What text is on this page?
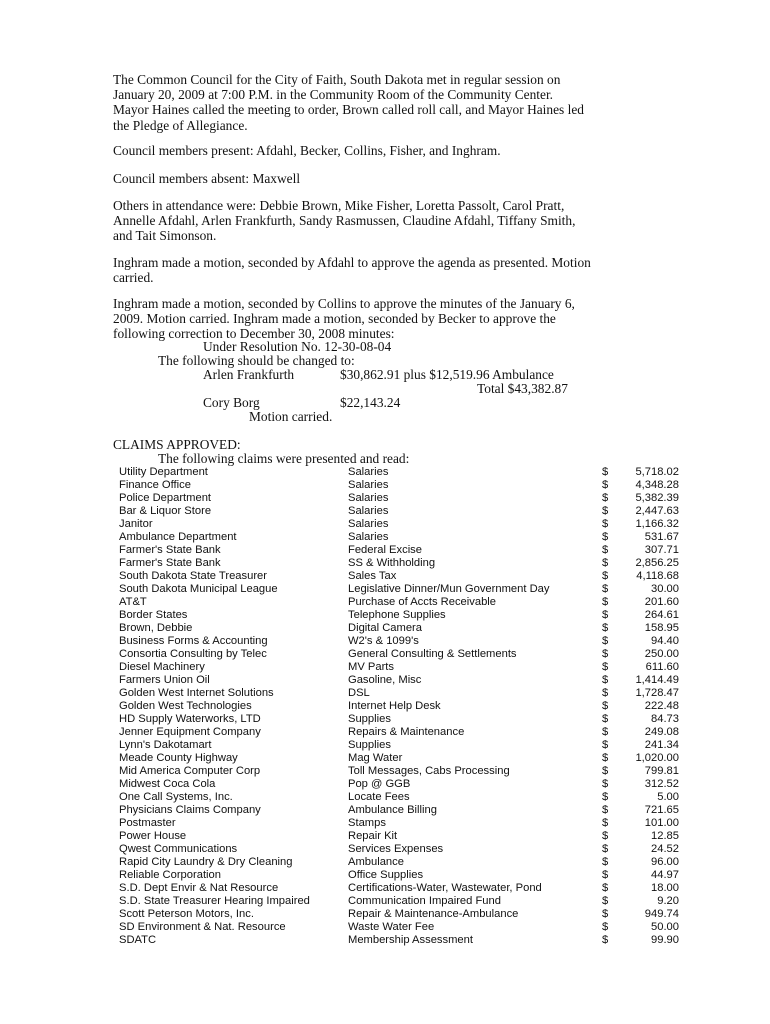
The Common Council for the City of Faith, South Dakota met in regular session on
January 20, 2009 at 7:00 P.M. in the Community Room of the Community Center.
Mayor Haines called the meeting to order, Brown called roll call, and Mayor Haines led
the Pledge of Allegiance.
Council members present: Afdahl, Becker, Collins, Fisher, and Inghram.
Council members absent: Maxwell
Others in attendance were: Debbie Brown, Mike Fisher, Loretta Passolt, Carol Pratt,
Annelle Afdahl, Arlen Frankfurth, Sandy Rasmussen, Claudine Afdahl, Tiffany Smith,
and Tait Simonson.
Inghram made a motion, seconded by Afdahl to approve the agenda as presented. Motion
carried.
Inghram made a motion, seconded by Collins to approve the minutes of the January 6,
2009. Motion carried. Inghram made a motion, seconded by Becker to approve the
following correction to December 30, 2008 minutes:
Under Resolution No. 12-30-08-04
The following should be changed to:
Arlen Frankfurth	$30,862.91 plus $12,519.96 Ambulance
Total $43,382.87
Cory Borg	$22,143.24
Motion carried.
CLAIMS APPROVED:
The following claims were presented and read:
Utility Department	Salaries	$ 5,718.02
Finance Office	Salaries	$ 4,348.28
Police Department	Salaries	$ 5,382.39
Bar & Liquor Store	Salaries	$ 2,447.63
Janitor	Salaries	$ 1,166.32
Ambulance Department	Salaries	$	531.67
Farmer's State Bank	Federal Excise	$	307.71
Farmer's State Bank	SS & Withholding	$ 2,856.25
South Dakota State Treasurer	Sales Tax	$	4,118.68
South Dakota Municipal League	Legislative Dinner/Mun Government Day	$	30.00
AT&T	Purchase of Accts Receivable	$	201.60
Border States	Telephone Supplies	$	264.61
Brown, Debbie	Digital Camera	$	158.95
Business Forms & Accounting	W2's & 1099's	$	94.40
Consortia Consulting by Telec	General Consulting & Settlements	$	250.00
Diesel Machinery	MV Parts	$	611.60
Farmers Union Oil	Gasoline, Misc	$ 1,414.49
Golden West Internet Solutions	DSL	$ 1,728.47
Golden West Technologies	Internet Help Desk	$	222.48
HD Supply Waterworks, LTD	Supplies	$	84.73
Jenner Equipment Company	Repairs & Maintenance	$	249.08
Lynn's Dakotamart	Supplies	$	241.34
Meade County Highway	Mag Water	$ 1,020.00
Mid America Computer Corp	Toll Messages, Cabs Processing	$	799.81
Midwest Coca Cola	Pop @ GGB	$	312.52
One Call Systems, Inc.	Locate Fees	$	5.00
Physicians Claims Company	Ambulance Billing	$	721.65
Postmaster	Stamps	$	101.00
Power House	Repair Kit	$	12.85
Qwest Communications	Services Expenses	$	24.52
Rapid City Laundry & Dry Cleaning	Ambulance	$	96.00
Reliable Corporation	Office Supplies	$	44.97
S.D. Dept Envir & Nat Resource	Certifications-Water, Wastewater, Pond	$	18.00
S.D. State Treasurer Hearing Impaired	Communication Impaired Fund	$	9.20
Scott Peterson Motors, Inc.	Repair & Maintenance-Ambulance	$	949.74
SD Environment & Nat. Resource	Waste Water Fee	$	50.00
SDATC	Membership Assessment	$	99.90
